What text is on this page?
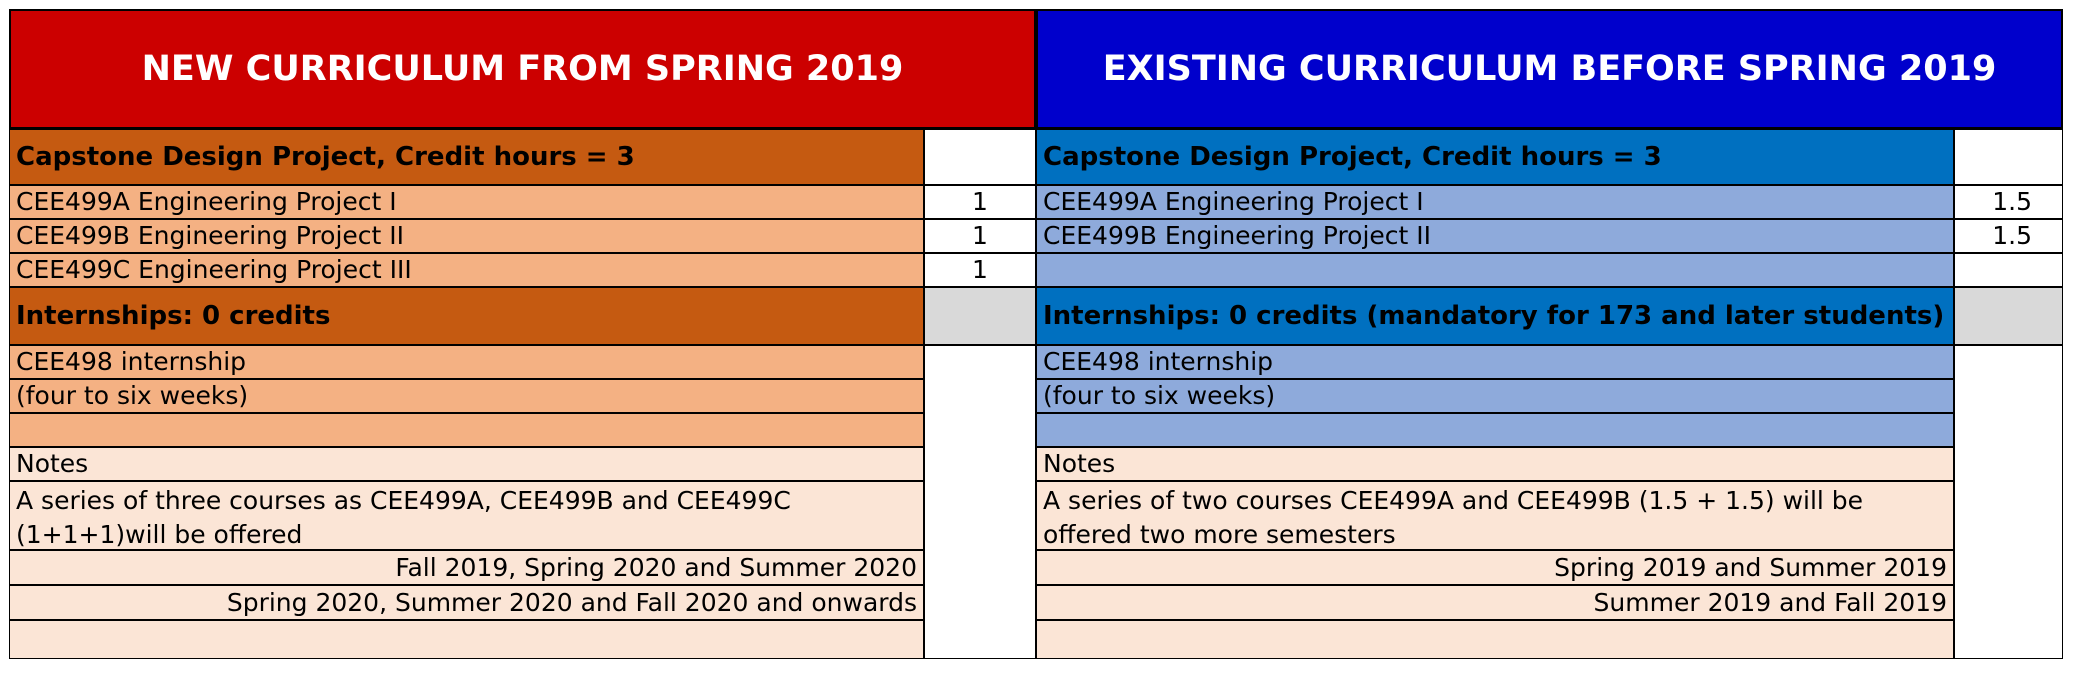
NEW CURRICULUM FROM SPRING 2019	EXISTING CURRICULUM BEFORE SPRING 2019
Capstone Design Project, Credit hours = 3
CEE499A Engineering Project I	1
CEE499B Engineering Project II	1
CEE499C Engineering Project III	1
Internships: 0 credits
CEE498 internship
(four to six weeks)
Notes
A series of three courses as CEE499A, CEE499B and CEE499C (1+1+1)will be offered
Fall 2019, Spring 2020 and Summer 2020
Spring 2020, Summer 2020 and Fall 2020 and onwards
Capstone Design Project, Credit hours = 3
CEE499A Engineering Project I	1.5
CEE499B Engineering Project II	1.5
Internships: 0 credits (mandatory for 173 and later students)
CEE498 internship
(four to six weeks)
Notes
A series of two courses CEE499A and CEE499B (1.5 + 1.5) will be offered two more semesters
Spring 2019 and Summer 2019
Summer 2019 and Fall 2019
